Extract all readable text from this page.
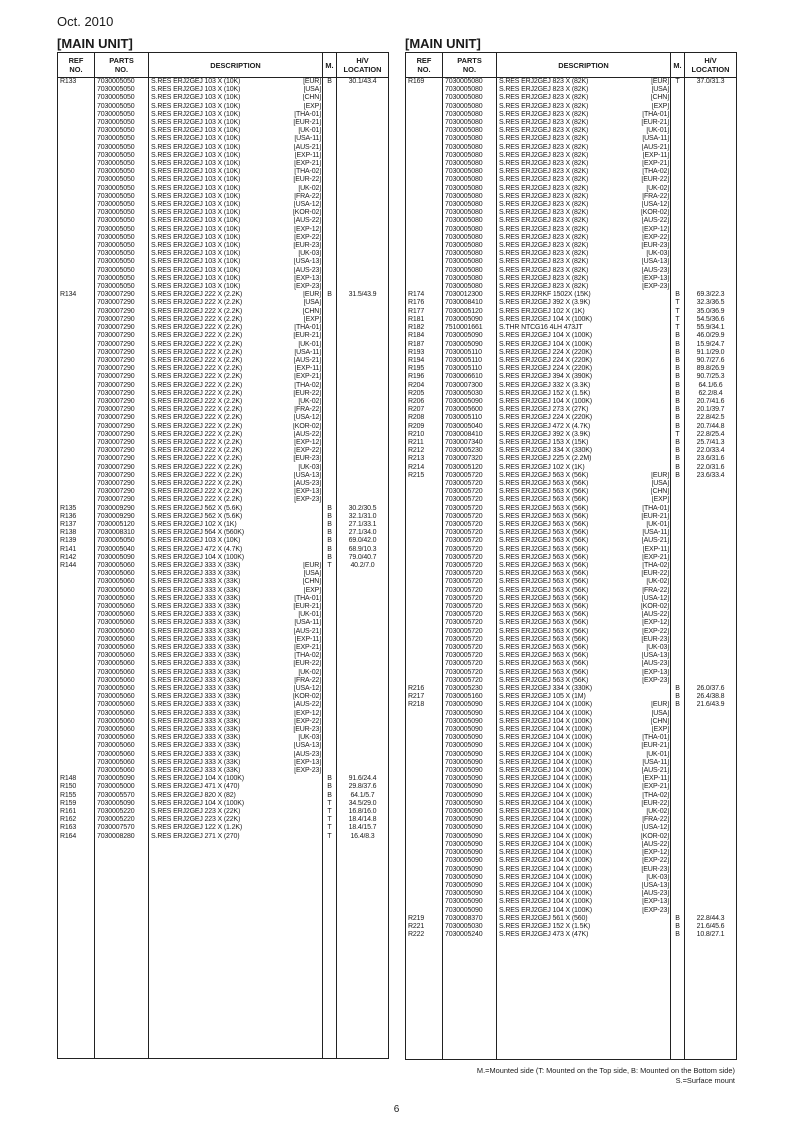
Oct. 2010
[MAIN UNIT]	[MAIN UNIT]
REF
NO.	PARTS
NO.	DESCRIPTION	M.	H/V
LOCATION
R133	7030005050	S.RES ERJ2GEJ 103 X (10K) [EUR]	B	30.1/43.4
	7030005050	S.RES ERJ2GEJ 103 X (10K) [USA]		

	7030005050	S.RES ERJ2GEJ 103 X (10K) [CHN]		

	7030005050	S.RES ERJ2GEJ 103 X (10K) [EXP]		

	7030005050	S.RES ERJ2GEJ 103 X (10K) [THA-01]		

	7030005050	S.RES ERJ2GEJ 103 X (10K) [EUR-21]		

	7030005050	S.RES ERJ2GEJ 103 X (10K) [UK-01]		

	7030005050	S.RES ERJ2GEJ 103 X (10K) [USA-11]		

	7030005050	S.RES ERJ2GEJ 103 X (10K) [AUS-21]		

	7030005050	S.RES ERJ2GEJ 103 X (10K) [EXP-11]		

	7030005050	S.RES ERJ2GEJ 103 X (10K) [EXP-21]		

	7030005050	S.RES ERJ2GEJ 103 X (10K) [THA-02]		

	7030005050	S.RES ERJ2GEJ 103 X (10K) [EUR-22]		

	7030005050	S.RES ERJ2GEJ 103 X (10K) [UK-02]		

	7030005050	S.RES ERJ2GEJ 103 X (10K) [FRA-22]		

	7030005050	S.RES ERJ2GEJ 103 X (10K) [USA-12]		

	7030005050	S.RES ERJ2GEJ 103 X (10K) [KOR-02]		

	7030005050	S.RES ERJ2GEJ 103 X (10K) [AUS-22]		

	7030005050	S.RES ERJ2GEJ 103 X (10K) [EXP-12]		

	7030005050	S.RES ERJ2GEJ 103 X (10K) [EXP-22]		

	7030005050	S.RES ERJ2GEJ 103 X (10K) [EUR-23]		

	7030005050	S.RES ERJ2GEJ 103 X (10K) [UK-03]		

	7030005050	S.RES ERJ2GEJ 103 X (10K) [USA-13]		

	7030005050	S.RES ERJ2GEJ 103 X (10K) [AUS-23]		

	7030005050	S.RES ERJ2GEJ 103 X (10K) [EXP-13]		

	7030005050	S.RES ERJ2GEJ 103 X (10K) [EXP-23]		

R134	7030007290	S.RES ERJ2GEJ 222 X (2.2K) [EUR]	B	31.5/43.9
	7030007290	S.RES ERJ2GEJ 222 X (2.2K) [USA]		

	7030007290	S.RES ERJ2GEJ 222 X (2.2K) [CHN]		

	7030007290	S.RES ERJ2GEJ 222 X (2.2K) [EXP]		

	7030007290	S.RES ERJ2GEJ 222 X (2.2K) [THA-01]		

	7030007290	S.RES ERJ2GEJ 222 X (2.2K) [EUR-21]		

	7030007290	S.RES ERJ2GEJ 222 X (2.2K) [UK-01]		

	7030007290	S.RES ERJ2GEJ 222 X (2.2K) [USA-11]		

	7030007290	S.RES ERJ2GEJ 222 X (2.2K) [AUS-21]		

	7030007290	S.RES ERJ2GEJ 222 X (2.2K) [EXP-11]		

	7030007290	S.RES ERJ2GEJ 222 X (2.2K) [EXP-21]		

	7030007290	S.RES ERJ2GEJ 222 X (2.2K) [THA-02]		

	7030007290	S.RES ERJ2GEJ 222 X (2.2K) [EUR-22]		

	7030007290	S.RES ERJ2GEJ 222 X (2.2K) [UK-02]		

	7030007290	S.RES ERJ2GEJ 222 X (2.2K) [FRA-22]		

	7030007290	S.RES ERJ2GEJ 222 X (2.2K) [USA-12]		

	7030007290	S.RES ERJ2GEJ 222 X (2.2K) [KOR-02]		

	7030007290	S.RES ERJ2GEJ 222 X (2.2K) [AUS-22]		

	7030007290	S.RES ERJ2GEJ 222 X (2.2K) [EXP-12]		

	7030007290	S.RES ERJ2GEJ 222 X (2.2K) [EXP-22]		

	7030007290	S.RES ERJ2GEJ 222 X (2.2K) [EUR-23]		

	7030007290	S.RES ERJ2GEJ 222 X (2.2K) [UK-03]		

	7030007290	S.RES ERJ2GEJ 222 X (2.2K) [USA-13]		

	7030007290	S.RES ERJ2GEJ 222 X (2.2K) [AUS-23]		

	7030007290	S.RES ERJ2GEJ 222 X (2.2K) [EXP-13]		

	7030007290	S.RES ERJ2GEJ 222 X (2.2K) [EXP-23]		

R135	7030009290	S.RES ERJ2GEJ 562 X (5.6K)	B	30.2/30.5
R136	7030009290	S.RES ERJ2GEJ 562 X (5.6K)	B	32.1/31.0
R137	7030005120	S.RES ERJ2GEJ 102 X (1K)	B	27.1/33.1
R138	7030008310	S.RES ERJ2GEJ 564 X (560K)	B	27.1/34.0
R139	7030005050	S.RES ERJ2GEJ 103 X (10K)	B	69.0/42.0
R141	7030005040	S.RES ERJ2GEJ 472 X (4.7K)	B	68.9/10.3
R142	7030005090	S.RES ERJ2GEJ 104 X (100K)	B	79.0/40.7
R144	7030005060	S.RES ERJ2GEJ 333 X (33K) [EUR]	T	40.2/7.0
	7030005060	S.RES ERJ2GEJ 333 X (33K) [USA]		

	7030005060	S.RES ERJ2GEJ 333 X (33K) [CHN]		

	7030005060	S.RES ERJ2GEJ 333 X (33K) [EXP]		

	7030005060	S.RES ERJ2GEJ 333 X (33K) [THA-01]		

	7030005060	S.RES ERJ2GEJ 333 X (33K) [EUR-21]		

	7030005060	S.RES ERJ2GEJ 333 X (33K) [UK-01]		

	7030005060	S.RES ERJ2GEJ 333 X (33K) [USA-11]		

	7030005060	S.RES ERJ2GEJ 333 X (33K) [AUS-21]		

	7030005060	S.RES ERJ2GEJ 333 X (33K) [EXP-11]		

	7030005060	S.RES ERJ2GEJ 333 X (33K) [EXP-21]		

	7030005060	S.RES ERJ2GEJ 333 X (33K) [THA-02]		

	7030005060	S.RES ERJ2GEJ 333 X (33K) [EUR-22]		

	7030005060	S.RES ERJ2GEJ 333 X (33K) [UK-02]		

	7030005060	S.RES ERJ2GEJ 333 X (33K) [FRA-22]		

	7030005060	S.RES ERJ2GEJ 333 X (33K) [USA-12]		

	7030005060	S.RES ERJ2GEJ 333 X (33K) [KOR-02]		

	7030005060	S.RES ERJ2GEJ 333 X (33K) [AUS-22]		

	7030005060	S.RES ERJ2GEJ 333 X (33K) [EXP-12]		

	7030005060	S.RES ERJ2GEJ 333 X (33K) [EXP-22]		

	7030005060	S.RES ERJ2GEJ 333 X (33K) [EUR-23]		

	7030005060	S.RES ERJ2GEJ 333 X (33K) [UK-03]		

	7030005060	S.RES ERJ2GEJ 333 X (33K) [USA-13]		

	7030005060	S.RES ERJ2GEJ 333 X (33K) [AUS-23]		

	7030005060	S.RES ERJ2GEJ 333 X (33K) [EXP-13]		

	7030005060	S.RES ERJ2GEJ 333 X (33K) [EXP-23]		

R148	7030005090	S.RES ERJ2GEJ 104 X (100K)	B	91.6/24.4
R150	7030005000	S.RES ERJ2GEJ 471 X (470)	B	29.8/37.6
R155	7030005570	S.RES ERJ2GEJ 820 X (82)	B	64.1/5.7
R159	7030005090	S.RES ERJ2GEJ 104 X (100K)	T	34.5/29.0
R161	7030005220	S.RES ERJ2GEJ 223 X (22K)	T	16.8/16.0
R162	7030005220	S.RES ERJ2GEJ 223 X (22K)	T	18.4/14.8
R163	7030007570	S.RES ERJ2GEJ 122 X (1.2K)	T	18.4/15.7
R164	7030008280	S.RES ERJ2GEJ 271 X (270)	T	16.4/8.3

REF
NO.	PARTS
NO.	DESCRIPTION	M.	H/V
LOCATION
R169	7030005080	S.RES ERJ2GEJ 823 X (82K) [EUR]	T	37.0/31.3
	7030005080	S.RES ERJ2GEJ 823 X (82K) [USA]		

	7030005080	S.RES ERJ2GEJ 823 X (82K) [CHN]		

	7030005080	S.RES ERJ2GEJ 823 X (82K) [EXP]		

	7030005080	S.RES ERJ2GEJ 823 X (82K) [THA-01]		

	7030005080	S.RES ERJ2GEJ 823 X (82K) [EUR-21]		

	7030005080	S.RES ERJ2GEJ 823 X (82K) [UK-01]		

	7030005080	S.RES ERJ2GEJ 823 X (82K) [USA-11]		

	7030005080	S.RES ERJ2GEJ 823 X (82K) [AUS-21]		

	7030005080	S.RES ERJ2GEJ 823 X (82K) [EXP-11]		

	7030005080	S.RES ERJ2GEJ 823 X (82K) [EXP-21]		

	7030005080	S.RES ERJ2GEJ 823 X (82K) [THA-02]		

	7030005080	S.RES ERJ2GEJ 823 X (82K) [EUR-22]		

	7030005080	S.RES ERJ2GEJ 823 X (82K) [UK-02]		

	7030005080	S.RES ERJ2GEJ 823 X (82K) [FRA-22]		

	7030005080	S.RES ERJ2GEJ 823 X (82K) [USA-12]		

	7030005080	S.RES ERJ2GEJ 823 X (82K) [KOR-02]		

	7030005080	S.RES ERJ2GEJ 823 X (82K) [AUS-22]		

	7030005080	S.RES ERJ2GEJ 823 X (82K) [EXP-12]		

	7030005080	S.RES ERJ2GEJ 823 X (82K) [EXP-22]		

	7030005080	S.RES ERJ2GEJ 823 X (82K) [EUR-23]		

	7030005080	S.RES ERJ2GEJ 823 X (82K) [UK-03]		

	7030005080	S.RES ERJ2GEJ 823 X (82K) [USA-13]		

	7030005080	S.RES ERJ2GEJ 823 X (82K) [AUS-23]		

	7030005080	S.RES ERJ2GEJ 823 X (82K) [EXP-13]		

	7030005080	S.RES ERJ2GEJ 823 X (82K) [EXP-23]		

R174	7030012300	S.RES ERJ2RKF 1502X (15K)	B	69.3/22.3
R176	7030008410	S.RES ERJ2GEJ 392 X (3.9K)	T	32.3/36.5
R177	7030005120	S.RES ERJ2GEJ 102 X (1K)	T	35.0/36.9
R181	7030005090	S.RES ERJ2GEJ 104 X (100K)	T	54.5/36.6
R182	7510001661	S.THR NTCG16 4LH 473JT	T	55.9/34.1
R184	7030005090	S.RES ERJ2GEJ 104 X (100K)	B	46.0/29.9
R187	7030005090	S.RES ERJ2GEJ 104 X (100K)	B	15.9/24.7
R193	7030005110	S.RES ERJ2GEJ 224 X (220K)	B	91.1/29.0
R194	7030005110	S.RES ERJ2GEJ 224 X (220K)	B	90.7/27.6
R195	7030005110	S.RES ERJ2GEJ 224 X (220K)	B	89.8/26.9
R196	7030006610	S.RES ERJ2GEJ 394 X (390K)	B	90.7/25.3
R204	7030007300	S.RES ERJ2GEJ 332 X (3.3K)	B	64.1/6.6
R205	7030005030	S.RES ERJ2GEJ 152 X (1.5K)	B	62.2/8.4
R206	7030005090	S.RES ERJ2GEJ 104 X (100K)	B	20.7/41.6
R207	7030005600	S.RES ERJ2GEJ 273 X (27K)	B	20.1/39.7
R208	7030005110	S.RES ERJ2GEJ 224 X (220K)	B	22.8/42.5
R209	7030005040	S.RES ERJ2GEJ 472 X (4.7K)	B	20.7/44.8
R210	7030008410	S.RES ERJ2GEJ 392 X (3.9K)	T	22.8/25.4
R211	7030007340	S.RES ERJ2GEJ 153 X (15K)	B	25.7/41.3
R212	7030005230	S.RES ERJ2GEJ 334 X (330K)	B	22.0/33.4
R213	7030007320	S.RES ERJ2GEJ 225 X (2.2M)	B	23.6/31.6
R214	7030005120	S.RES ERJ2GEJ 102 X (1K)	B	22.0/31.6
R215	7030005720	S.RES ERJ2GEJ 563 X (56K) [EUR]	B	23.6/33.4
	7030005720	S.RES ERJ2GEJ 563 X (56K) [USA]		

	7030005720	S.RES ERJ2GEJ 563 X (56K) [CHN]		

	7030005720	S.RES ERJ2GEJ 563 X (56K) [EXP]		

	7030005720	S.RES ERJ2GEJ 563 X (56K) [THA-01]		

	7030005720	S.RES ERJ2GEJ 563 X (56K) [EUR-21]		

	7030005720	S.RES ERJ2GEJ 563 X (56K) [UK-01]		

	7030005720	S.RES ERJ2GEJ 563 X (56K) [USA-11]		

	7030005720	S.RES ERJ2GEJ 563 X (56K) [AUS-21]		

	7030005720	S.RES ERJ2GEJ 563 X (56K) [EXP-11]		

	7030005720	S.RES ERJ2GEJ 563 X (56K) [EXP-21]		

	7030005720	S.RES ERJ2GEJ 563 X (56K) [THA-02]		

	7030005720	S.RES ERJ2GEJ 563 X (56K) [EUR-22]		

	7030005720	S.RES ERJ2GEJ 563 X (56K) [UK-02]		

	7030005720	S.RES ERJ2GEJ 563 X (56K) [FRA-22]		

	7030005720	S.RES ERJ2GEJ 563 X (56K) [USA-12]		

	7030005720	S.RES ERJ2GEJ 563 X (56K) [KOR-02]		

	7030005720	S.RES ERJ2GEJ 563 X (56K) [AUS-22]		

	7030005720	S.RES ERJ2GEJ 563 X (56K) [EXP-12]		

	7030005720	S.RES ERJ2GEJ 563 X (56K) [EXP-22]		

	7030005720	S.RES ERJ2GEJ 563 X (56K) [EUR-23]		

	7030005720	S.RES ERJ2GEJ 563 X (56K) [UK-03]		

	7030005720	S.RES ERJ2GEJ 563 X (56K) [USA-13]		

	7030005720	S.RES ERJ2GEJ 563 X (56K) [AUS-23]		

	7030005720	S.RES ERJ2GEJ 563 X (56K) [EXP-13]		

	7030005720	S.RES ERJ2GEJ 563 X (56K) [EXP-23]		

R216	7030005230	S.RES ERJ2GEJ 334 X (330K)	B	26.0/37.6
R217	7030005160	S.RES ERJ2GEJ 105 X (1M)	B	26.4/38.8
R218	7030005090	S.RES ERJ2GEJ 104 X (100K) [EUR]	B	21.6/43.9
	7030005090	S.RES ERJ2GEJ 104 X (100K) [USA]		

	7030005090	S.RES ERJ2GEJ 104 X (100K) [CHN]		

	7030005090	S.RES ERJ2GEJ 104 X (100K) [EXP]		

	7030005090	S.RES ERJ2GEJ 104 X (100K) [THA-01]		

	7030005090	S.RES ERJ2GEJ 104 X (100K) [EUR-21]		

	7030005090	S.RES ERJ2GEJ 104 X (100K) [UK-01]		

	7030005090	S.RES ERJ2GEJ 104 X (100K) [USA-11]		

	7030005090	S.RES ERJ2GEJ 104 X (100K) [AUS-21]		

	7030005090	S.RES ERJ2GEJ 104 X (100K) [EXP-11]		

	7030005090	S.RES ERJ2GEJ 104 X (100K) [EXP-21]		

	7030005090	S.RES ERJ2GEJ 104 X (100K) [THA-02]		

	7030005090	S.RES ERJ2GEJ 104 X (100K) [EUR-22]		

	7030005090	S.RES ERJ2GEJ 104 X (100K) [UK-02]		

	7030005090	S.RES ERJ2GEJ 104 X (100K) [FRA-22]		

	7030005090	S.RES ERJ2GEJ 104 X (100K) [USA-12]		

	7030005090	S.RES ERJ2GEJ 104 X (100K) [KOR-02]		

	7030005090	S.RES ERJ2GEJ 104 X (100K) [AUS-22]		

	7030005090	S.RES ERJ2GEJ 104 X (100K) [EXP-12]		

	7030005090	S.RES ERJ2GEJ 104 X (100K) [EXP-22]		

	7030005090	S.RES ERJ2GEJ 104 X (100K) [EUR-23]		

	7030005090	S.RES ERJ2GEJ 104 X (100K) [UK-03]		

	7030005090	S.RES ERJ2GEJ 104 X (100K) [USA-13]		

	7030005090	S.RES ERJ2GEJ 104 X (100K) [AUS-23]		

	7030005090	S.RES ERJ2GEJ 104 X (100K) [EXP-13]		

	7030005090	S.RES ERJ2GEJ 104 X (100K) [EXP-23]		

R219	7030008370	S.RES ERJ2GEJ 561 X (560)	B	22.8/44.3
R221	7030005030	S.RES ERJ2GEJ 152 X (1.5K)	B	21.6/45.6
R222	7030005240	S.RES ERJ2GEJ 473 X (47K)	B	10.8/27.1

M.=Mounted side (T: Mounted on the Top side, B: Mounted on the Bottom side)
S.=Surface mount
6
